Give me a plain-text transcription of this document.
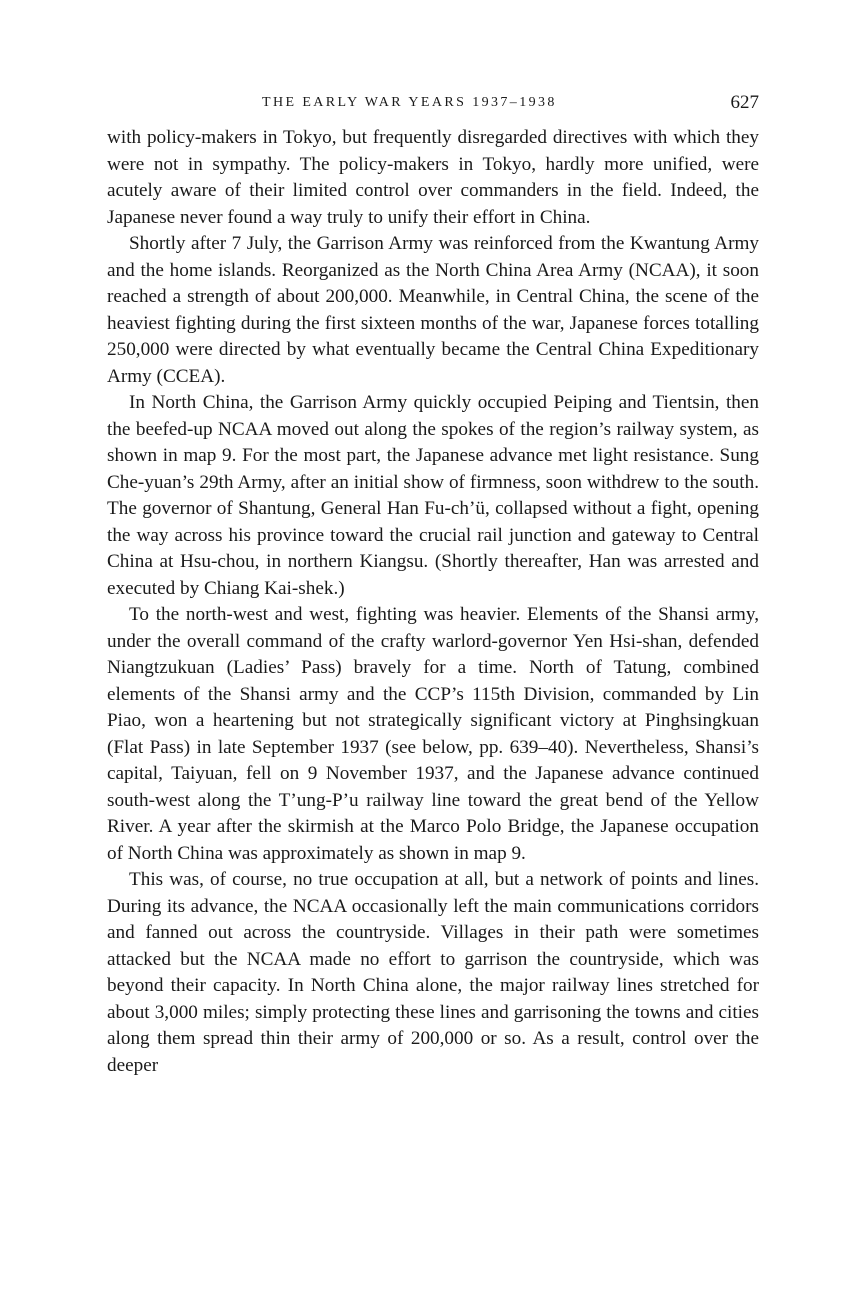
THE EARLY WAR YEARS 1937–1938	627

with policy-makers in Tokyo, but frequently disregarded directives with which they were not in sympathy. The policy-makers in Tokyo, hardly more unified, were acutely aware of their limited control over commanders in the field. Indeed, the Japanese never found a way truly to unify their effort in China.

Shortly after 7 July, the Garrison Army was reinforced from the Kwantung Army and the home islands. Reorganized as the North China Area Army (NCAA), it soon reached a strength of about 200,000. Meanwhile, in Central China, the scene of the heaviest fighting during the first sixteen months of the war, Japanese forces totalling 250,000 were directed by what eventually became the Central China Expeditionary Army (CCEA).

In North China, the Garrison Army quickly occupied Peiping and Tientsin, then the beefed-up NCAA moved out along the spokes of the region’s railway system, as shown in map 9. For the most part, the Japanese advance met light resistance. Sung Che-yuan’s 29th Army, after an initial show of firmness, soon withdrew to the south. The governor of Shantung, General Han Fu-ch’ü, collapsed without a fight, opening the way across his province toward the crucial rail junction and gateway to Central China at Hsu-chou, in northern Kiangsu. (Shortly thereafter, Han was arrested and executed by Chiang Kai-shek.)

To the north-west and west, fighting was heavier. Elements of the Shansi army, under the overall command of the crafty warlord-governor Yen Hsi-shan, defended Niangtzukuan (Ladies’ Pass) bravely for a time. North of Tatung, combined elements of the Shansi army and the CCP’s 115th Division, commanded by Lin Piao, won a heartening but not strategically significant victory at Pinghsingkuan (Flat Pass) in late September 1937 (see below, pp. 639–40). Nevertheless, Shansi’s capital, Taiyuan, fell on 9 November 1937, and the Japanese advance continued south-west along the T’ung-P’u railway line toward the great bend of the Yellow River. A year after the skirmish at the Marco Polo Bridge, the Japanese occupation of North China was approximately as shown in map 9.

This was, of course, no true occupation at all, but a network of points and lines. During its advance, the NCAA occasionally left the main communications corridors and fanned out across the countryside. Villages in their path were sometimes attacked but the NCAA made no effort to garrison the countryside, which was beyond their capacity. In North China alone, the major railway lines stretched for about 3,000 miles; simply protecting these lines and garrisoning the towns and cities along them spread thin their army of 200,000 or so. As a result, control over the deeper
